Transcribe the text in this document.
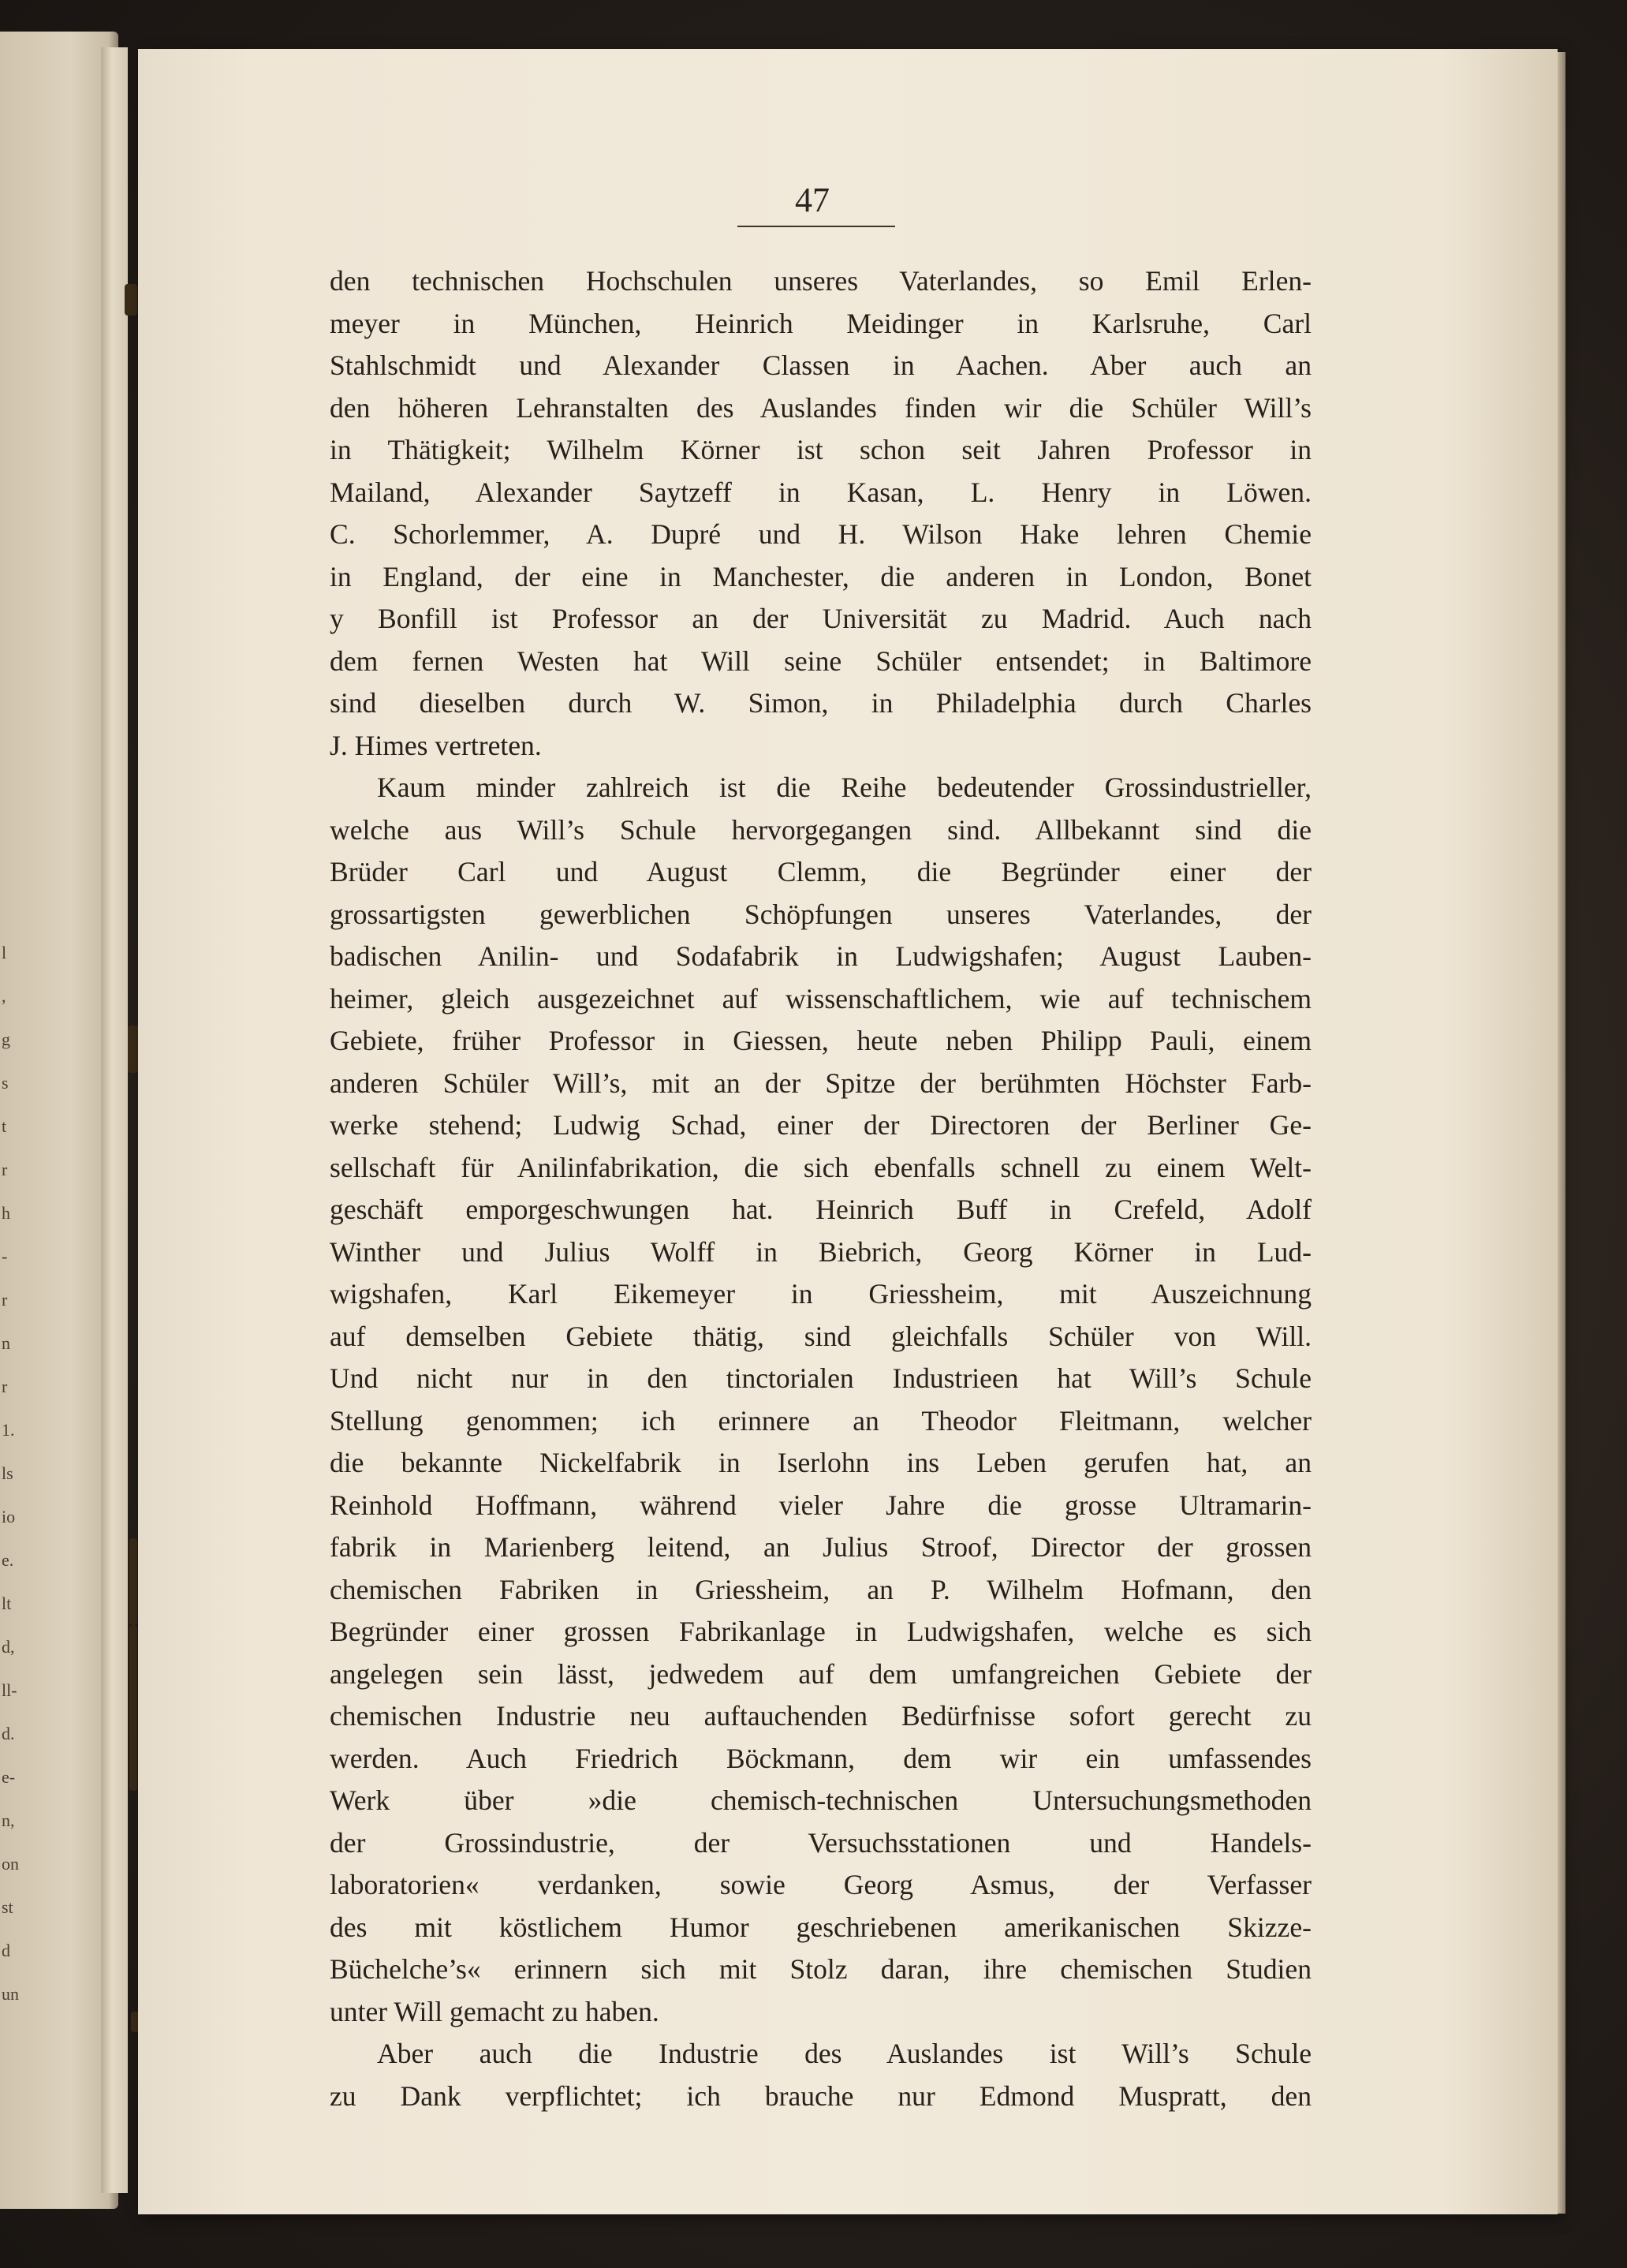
l
,
g
s
t
r
h
-
r
n
r
1.
ls
io
e.
lt
d,
ll-
d.
e-
n,
on
st
d
un
47
den technischen Hochschulen unseres Vaterlandes, so Emil Erlen-
meyer in München, Heinrich Meidinger in Karlsruhe, Carl
Stahlschmidt und Alexander Classen in Aachen. Aber auch an
den höheren Lehranstalten des Auslandes finden wir die Schüler Will’s
in Thätigkeit; Wilhelm Körner ist schon seit Jahren Professor in
Mailand, Alexander Saytzeff in Kasan, L. Henry in Löwen.
C. Schorlemmer, A. Dupré und H. Wilson Hake lehren Chemie
in England, der eine in Manchester, die anderen in London, Bonet
y Bonfill ist Professor an der Universität zu Madrid. Auch nach
dem fernen Westen hat Will seine Schüler entsendet; in Baltimore
sind dieselben durch W. Simon, in Philadelphia durch Charles
J. Himes vertreten.
Kaum minder zahlreich ist die Reihe bedeutender Grossindustrieller,
welche aus Will’s Schule hervorgegangen sind. Allbekannt sind die
Brüder Carl und August Clemm, die Begründer einer der
grossartigsten gewerblichen Schöpfungen unseres Vaterlandes, der
badischen Anilin- und Sodafabrik in Ludwigshafen; August Lauben-
heimer, gleich ausgezeichnet auf wissenschaftlichem, wie auf technischem
Gebiete, früher Professor in Giessen, heute neben Philipp Pauli, einem
anderen Schüler Will’s, mit an der Spitze der berühmten Höchster Farb-
werke stehend; Ludwig Schad, einer der Directoren der Berliner Ge-
sellschaft für Anilinfabrikation, die sich ebenfalls schnell zu einem Welt-
geschäft emporgeschwungen hat. Heinrich Buff in Crefeld, Adolf
Winther und Julius Wolff in Biebrich, Georg Körner in Lud-
wigshafen, Karl Eikemeyer in Griessheim, mit Auszeichnung
auf demselben Gebiete thätig, sind gleichfalls Schüler von Will.
Und nicht nur in den tinctorialen Industrieen hat Will’s Schule
Stellung genommen; ich erinnere an Theodor Fleitmann, welcher
die bekannte Nickelfabrik in Iserlohn ins Leben gerufen hat, an
Reinhold Hoffmann, während vieler Jahre die grosse Ultramarin-
fabrik in Marienberg leitend, an Julius Stroof, Director der grossen
chemischen Fabriken in Griessheim, an P. Wilhelm Hofmann, den
Begründer einer grossen Fabrikanlage in Ludwigshafen, welche es sich
angelegen sein lässt, jedwedem auf dem umfangreichen Gebiete der
chemischen Industrie neu auftauchenden Bedürfnisse sofort gerecht zu
werden. Auch Friedrich Böckmann, dem wir ein umfassendes
Werk über »die chemisch-technischen Untersuchungsmethoden
der Grossindustrie, der Versuchsstationen und Handels-
laboratorien« verdanken, sowie Georg Asmus, der Verfasser
des mit köstlichem Humor geschriebenen amerikanischen Skizze-
Büchelche’s« erinnern sich mit Stolz daran, ihre chemischen Studien
unter Will gemacht zu haben.
Aber auch die Industrie des Auslandes ist Will’s Schule
zu Dank verpflichtet; ich brauche nur Edmond Muspratt, den
